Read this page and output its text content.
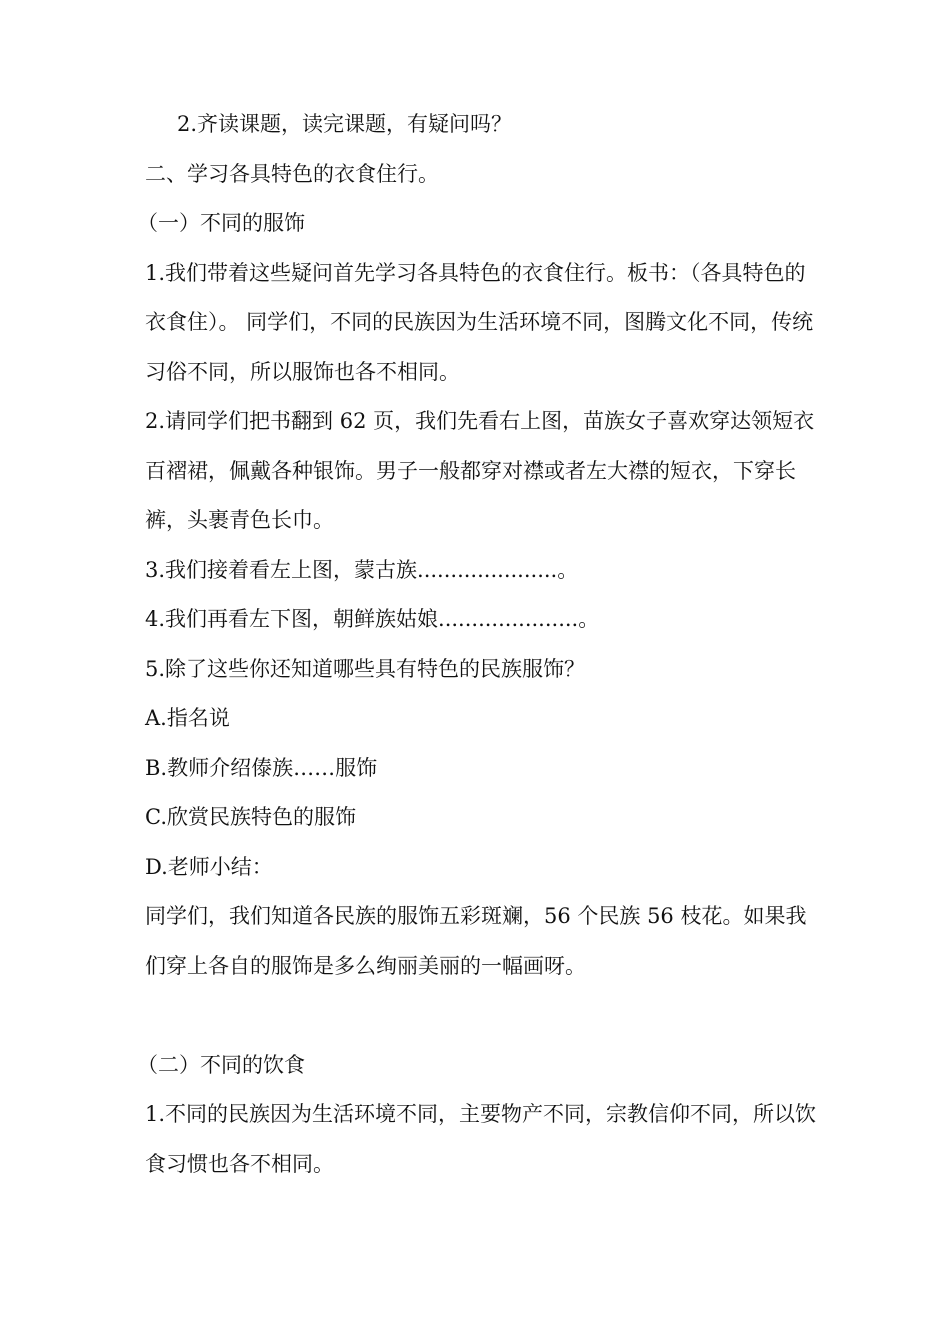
2.齐读课题，读完课题，有疑问吗？

二、学习各具特色的衣食住行。

（一）不同的服饰

1.我们带着这些疑问首先学习各具特色的衣食住行。板书：（各具特色的衣食住）。 同学们，不同的民族因为生活环境不同，图腾文化不同，传统习俗不同，所以服饰也各不相同。

2.请同学们把书翻到 62 页，我们先看右上图，苗族女子喜欢穿达领短衣百褶裙，佩戴各种银饰。男子一般都穿对襟或者左大襟的短衣，下穿长裤，头裹青色长巾。

3.我们接着看左上图，蒙古族.....................。

4.我们再看左下图，朝鲜族姑娘.....................。

5.除了这些你还知道哪些具有特色的民族服饰？

A.指名说

B.教师介绍傣族……服饰

C.欣赏民族特色的服饰

D.老师小结：

同学们，我们知道各民族的服饰五彩斑斓，56 个民族 56 枝花。如果我们穿上各自的服饰是多么绚丽美丽的一幅画呀。

（二）不同的饮食

1.不同的民族因为生活环境不同，主要物产不同，宗教信仰不同，所以饮食习惯也各不相同。
